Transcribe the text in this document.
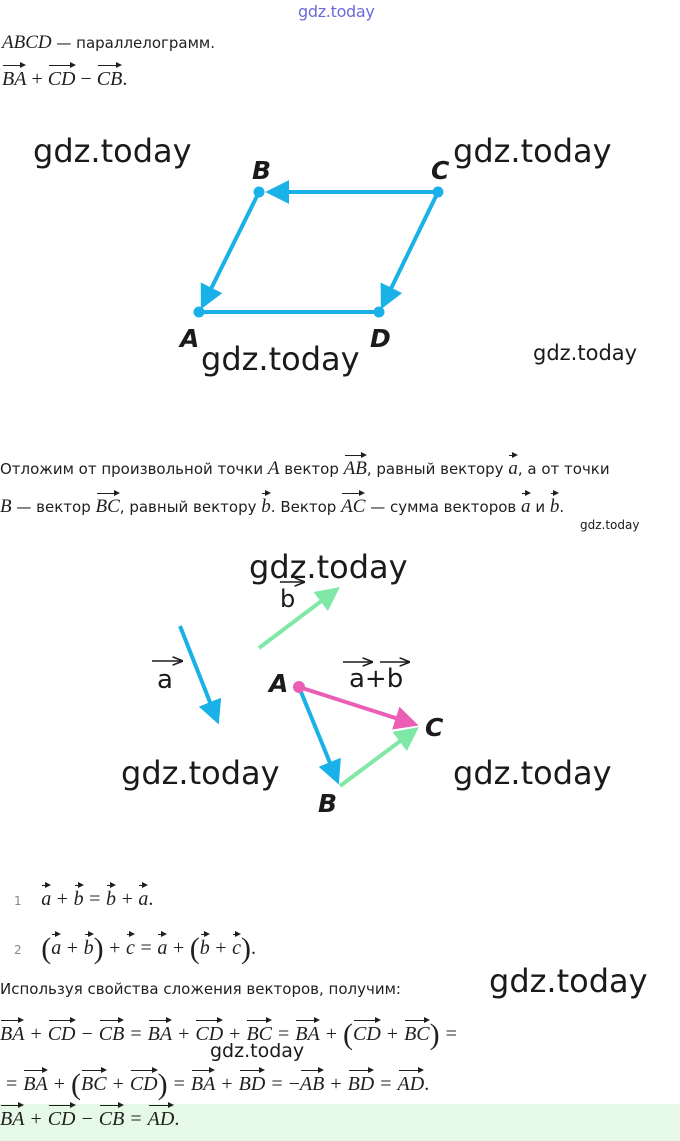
gdz.today
ABCD — параллелограмм.
BA + CD − CB.
B	C
A	D
gdz.today	gdz.today
gdz.today	gdz.today
Отложим от произвольной точки A вектор AB, равный вектору a, а от точки
B — вектор BC, равный вектору b. Вектор AC — сумма векторов a и b.
gdz.today
b
a	a+b
A
C
B
gdz.today
gdz.today	gdz.today
1 a + b = b + a.
2 (a + b) + c = a + (b + c).
Используя свойства сложения векторов, получим:	gdz.today
BA + CD − CB = BA + CD + BC = BA + (CD + BC) =
gdz.today
= BA + (BC + CD) = BA + BD = −AB + BD = AD.
BA + CD − CB = AD.
